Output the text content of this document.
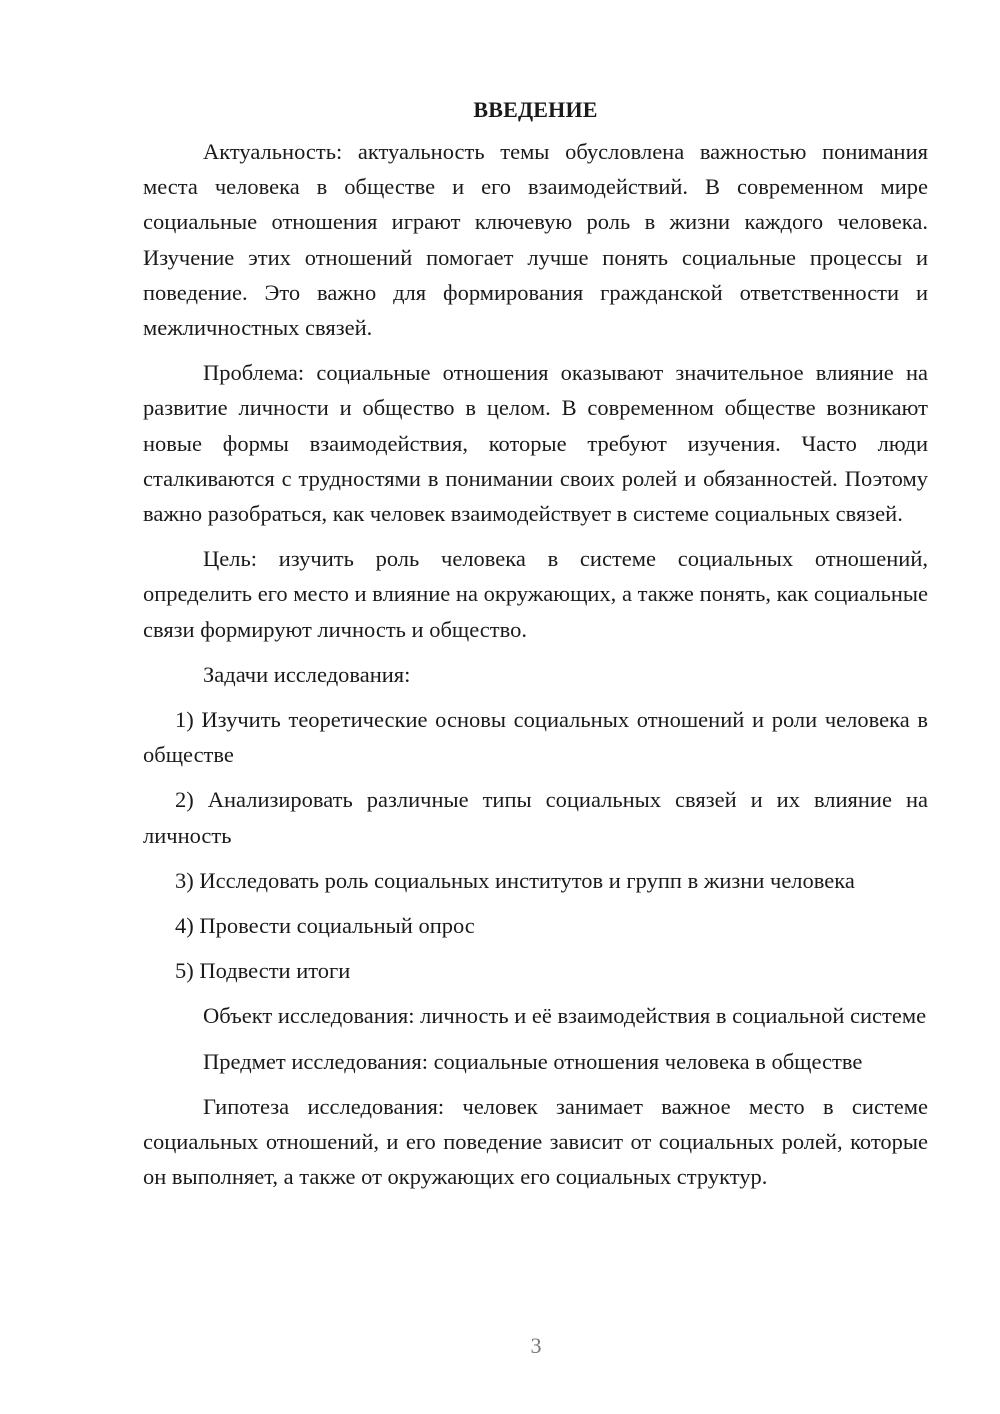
ВВЕДЕНИЕ

Актуальность: актуальность темы обусловлена важностью понимания места человека в обществе и его взаимодействий. В современном мире социальные отношения играют ключевую роль в жизни каждого человека. Изучение этих отношений помогает лучше понять социальные процессы и поведение. Это важно для формирования гражданской ответственности и межличностных связей.

Проблема: социальные отношения оказывают значительное влияние на развитие личности и общество в целом. В современном обществе возникают новые формы взаимодействия, которые требуют изучения. Часто люди сталкиваются с трудностями в понимании своих ролей и обязанностей. Поэтому важно разобраться, как человек взаимодействует в системе социальных связей.

Цель: изучить роль человека в системе социальных отношений, определить его место и влияние на окружающих, а также понять, как социальные связи формируют личность и общество.

Задачи исследования:

1) Изучить теоретические основы социальных отношений и роли человека в обществе

2) Анализировать различные типы социальных связей и их влияние на личность

3) Исследовать роль социальных институтов и групп в жизни человека

4) Провести социальный опрос

5) Подвести итоги

Объект исследования: личность и её взаимодействия в социальной системе

Предмет исследования: социальные отношения человека в обществе

Гипотеза исследования: человек занимает важное место в системе социальных отношений, и его поведение зависит от социальных ролей, которые он выполняет, а также от окружающих его социальных структур.

3
